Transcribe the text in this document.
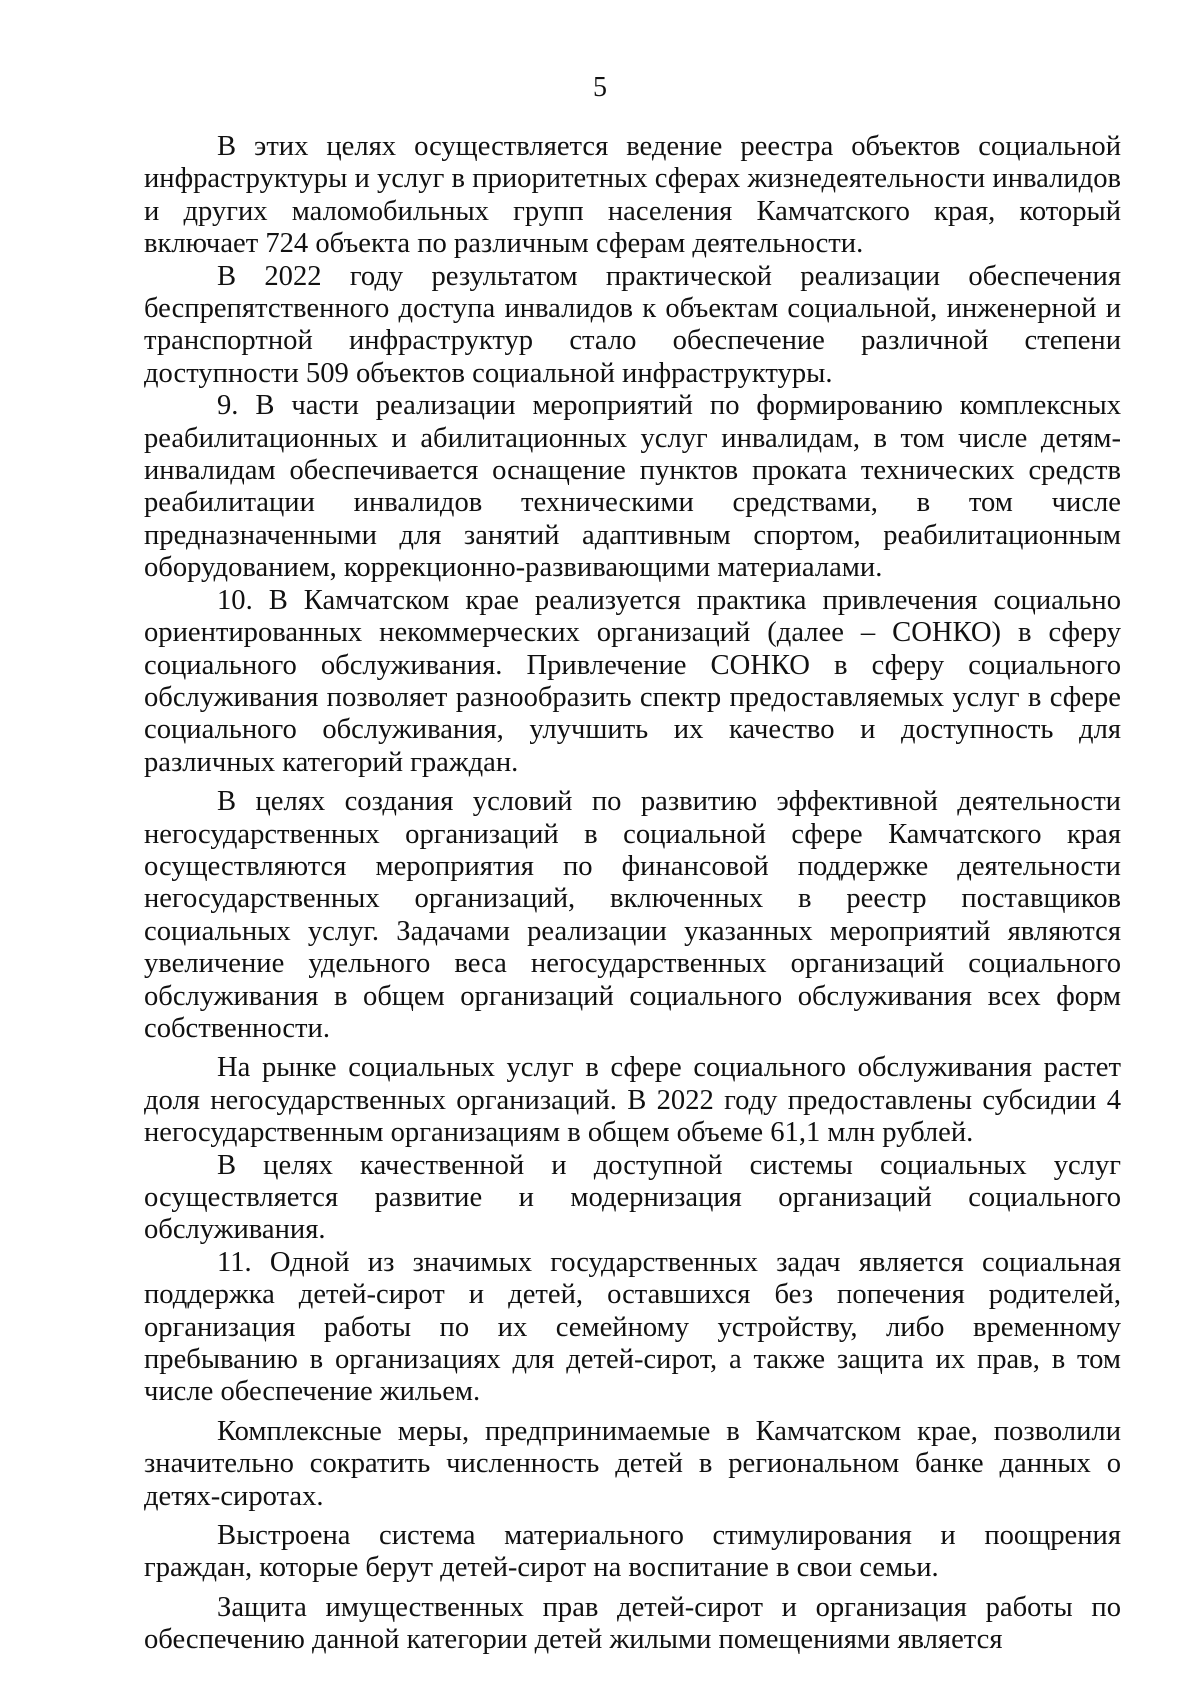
5

В этих целях осуществляется ведение реестра объектов социальной инфраструктуры и услуг в приоритетных сферах жизнедеятельности инвалидов и других маломобильных групп населения Камчатского края, который включает 724 объекта по различным сферам деятельности.

В 2022 году результатом практической реализации обеспечения беспрепятственного доступа инвалидов к объектам социальной, инженерной и транспортной инфраструктур стало обеспечение различной степени доступности 509 объектов социальной инфраструктуры.

9. В части реализации мероприятий по формированию комплексных реабилитационных и абилитационных услуг инвалидам, в том числе детям-инвалидам обеспечивается оснащение пунктов проката технических средств реабилитации инвалидов техническими средствами, в том числе предназначенными для занятий адаптивным спортом, реабилитационным оборудованием, коррекционно-развивающими материалами.

10. В Камчатском крае реализуется практика привлечения социально ориентированных некоммерческих организаций (далее – СОНКО) в сферу социального обслуживания. Привлечение СОНКО в сферу социального обслуживания позволяет разнообразить спектр предоставляемых услуг в сфере социального обслуживания, улучшить их качество и доступность для различных категорий граждан.

В целях создания условий по развитию эффективной деятельности негосударственных организаций в социальной сфере Камчатского края осуществляются мероприятия по финансовой поддержке деятельности негосударственных организаций, включенных в реестр поставщиков социальных услуг. Задачами реализации указанных мероприятий являются увеличение удельного веса негосударственных организаций социального обслуживания в общем организаций социального обслуживания всех форм собственности.

На рынке социальных услуг в сфере социального обслуживания растет доля негосударственных организаций. В 2022 году предоставлены субсидии 4 негосударственным организациям в общем объеме 61,1 млн рублей.

В целях качественной и доступной системы социальных услуг осуществляется развитие и модернизация организаций социального обслуживания.

11. Одной из значимых государственных задач является социальная поддержка детей-сирот и детей, оставшихся без попечения родителей, организация работы по их семейному устройству, либо временному пребыванию в организациях для детей-сирот, а также защита их прав, в том числе обеспечение жильем.

Комплексные меры, предпринимаемые в Камчатском крае, позволили значительно сократить численность детей в региональном банке данных о детях-сиротах.

Выстроена система материального стимулирования и поощрения граждан, которые берут детей-сирот на воспитание в свои семьи.

Защита имущественных прав детей-сирот и организация работы по обеспечению данной категории детей жилыми помещениями является
